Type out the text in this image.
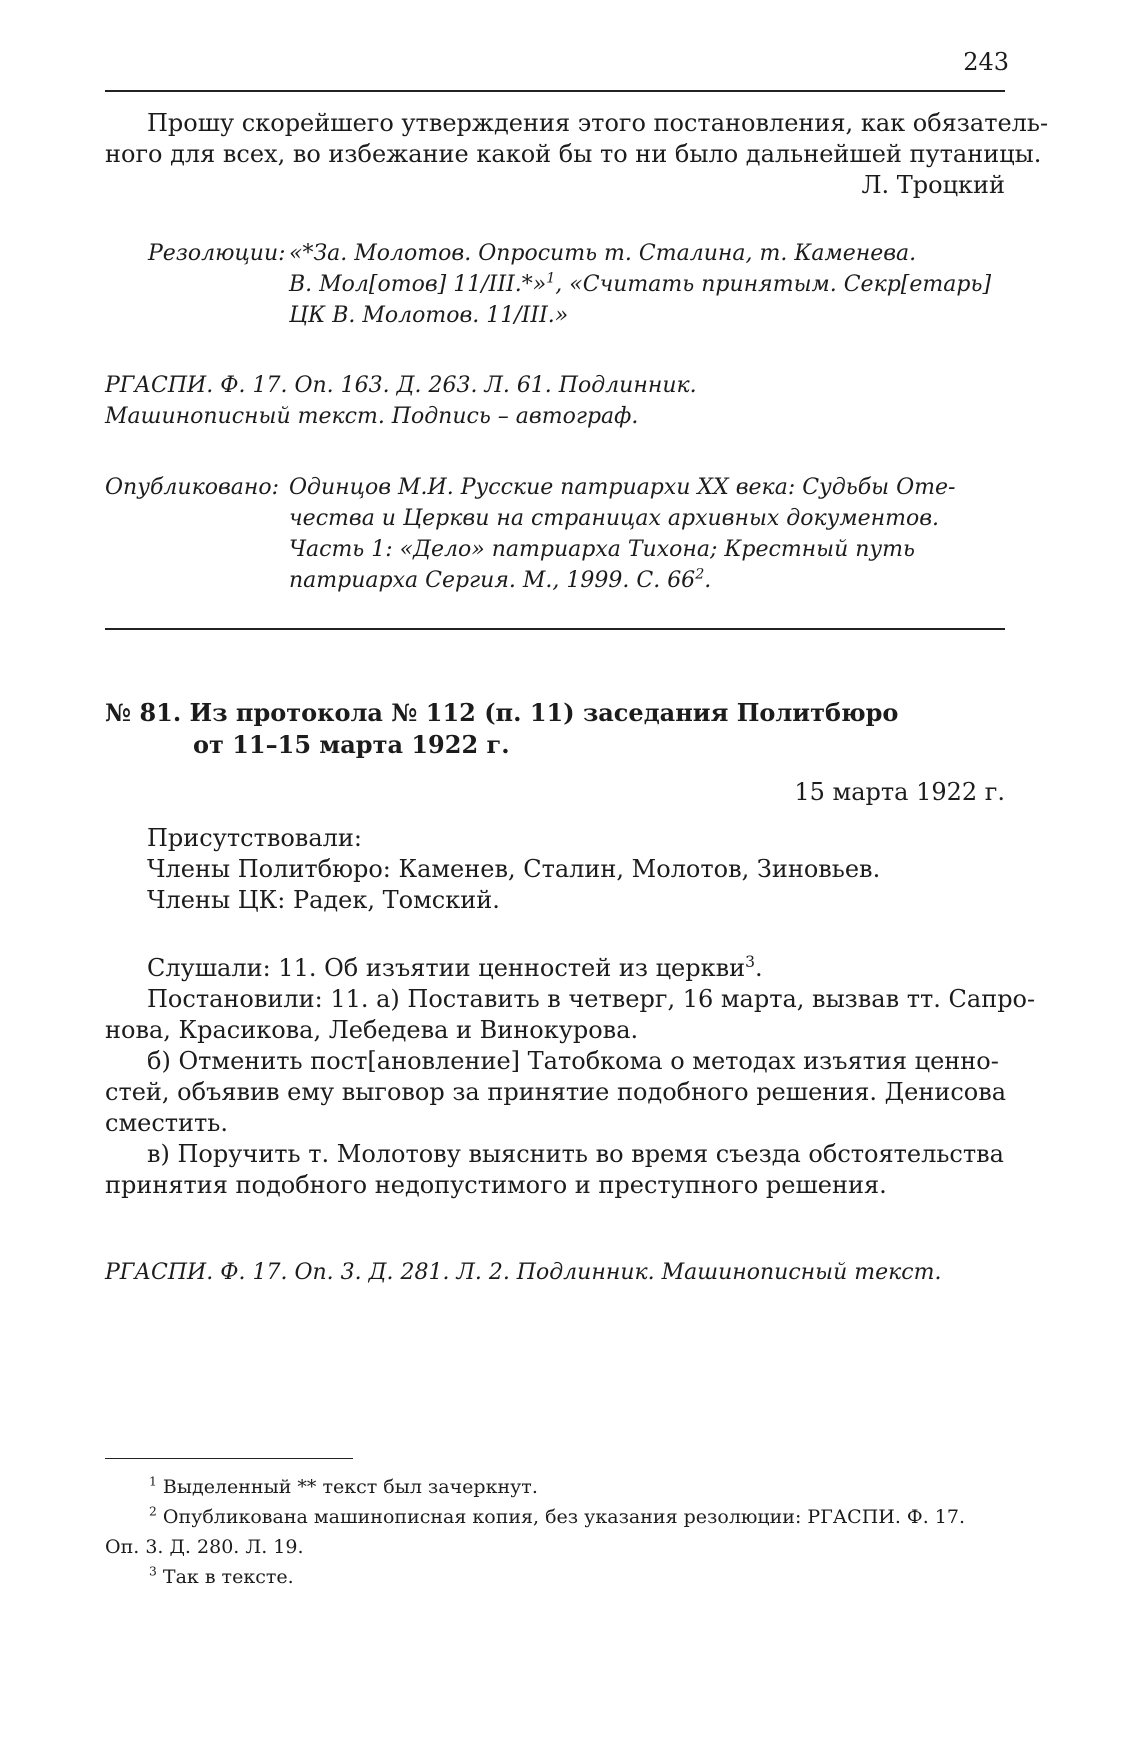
243
Прошу скорейшего утверждения этого постановления, как обязатель-
ного для всех, во избежание какой бы то ни было дальнейшей путаницы.
Л. Троцкий
Резолюции: «*За. Молотов. Опросить т. Сталина, т. Каменева.
В. Мол[отов] 11/III.*»$^1$, «Считать принятым. Секр[етарь]
ЦК В. Молотов. 11/III.»
РГАСПИ. Ф. 17. Оп. 163. Д. 263. Л. 61. Подлинник.
Машинописный текст. Подпись – автограф.
Опубликовано: Одинцов М.И. Русские патриархи XX века: Судьбы Оте-
чества и Церкви на страницах архивных документов.
Часть 1: «Дело» патриарха Тихона; Крестный путь
патриарха Сергия. М., 1999. С. $66^2$.
№ 81. Из протокола № 112 (п. 11) заседания Политбюро
от 11–15 марта 1922 г.
15 марта 1922 г.
Присутствовали:
Члены Политбюро: Каменев, Сталин, Молотов, Зиновьев.
Члены ЦК: Радек, Томский.
Слушали: 11. Об изъятии ценностей из церкви$^3$.
Постановили: 11. а) Поставить в четверг, 16 марта, вызвав тт. Сапро-
нова, Красикова, Лебедева и Винокурова.
б) Отменить пост[ановление] Татобкома о методах изъятия ценно-
стей, объявив ему выговор за принятие подобного решения. Денисова
сместить.
в) Поручить т. Молотову выяснить во время съезда обстоятельства
принятия подобного недопустимого и преступного решения.
РГАСПИ. Ф. 17. Оп. 3. Д. 281. Л. 2. Подлинник. Машинописный текст.
$^1$ Выделенный ** текст был зачеркнут.
$^2$ Опубликована машинописная копия, без указания резолюции: РГАСПИ. Ф. 17.
Оп. 3. Д. 280. Л. 19.
$^3$ Так в тексте.
